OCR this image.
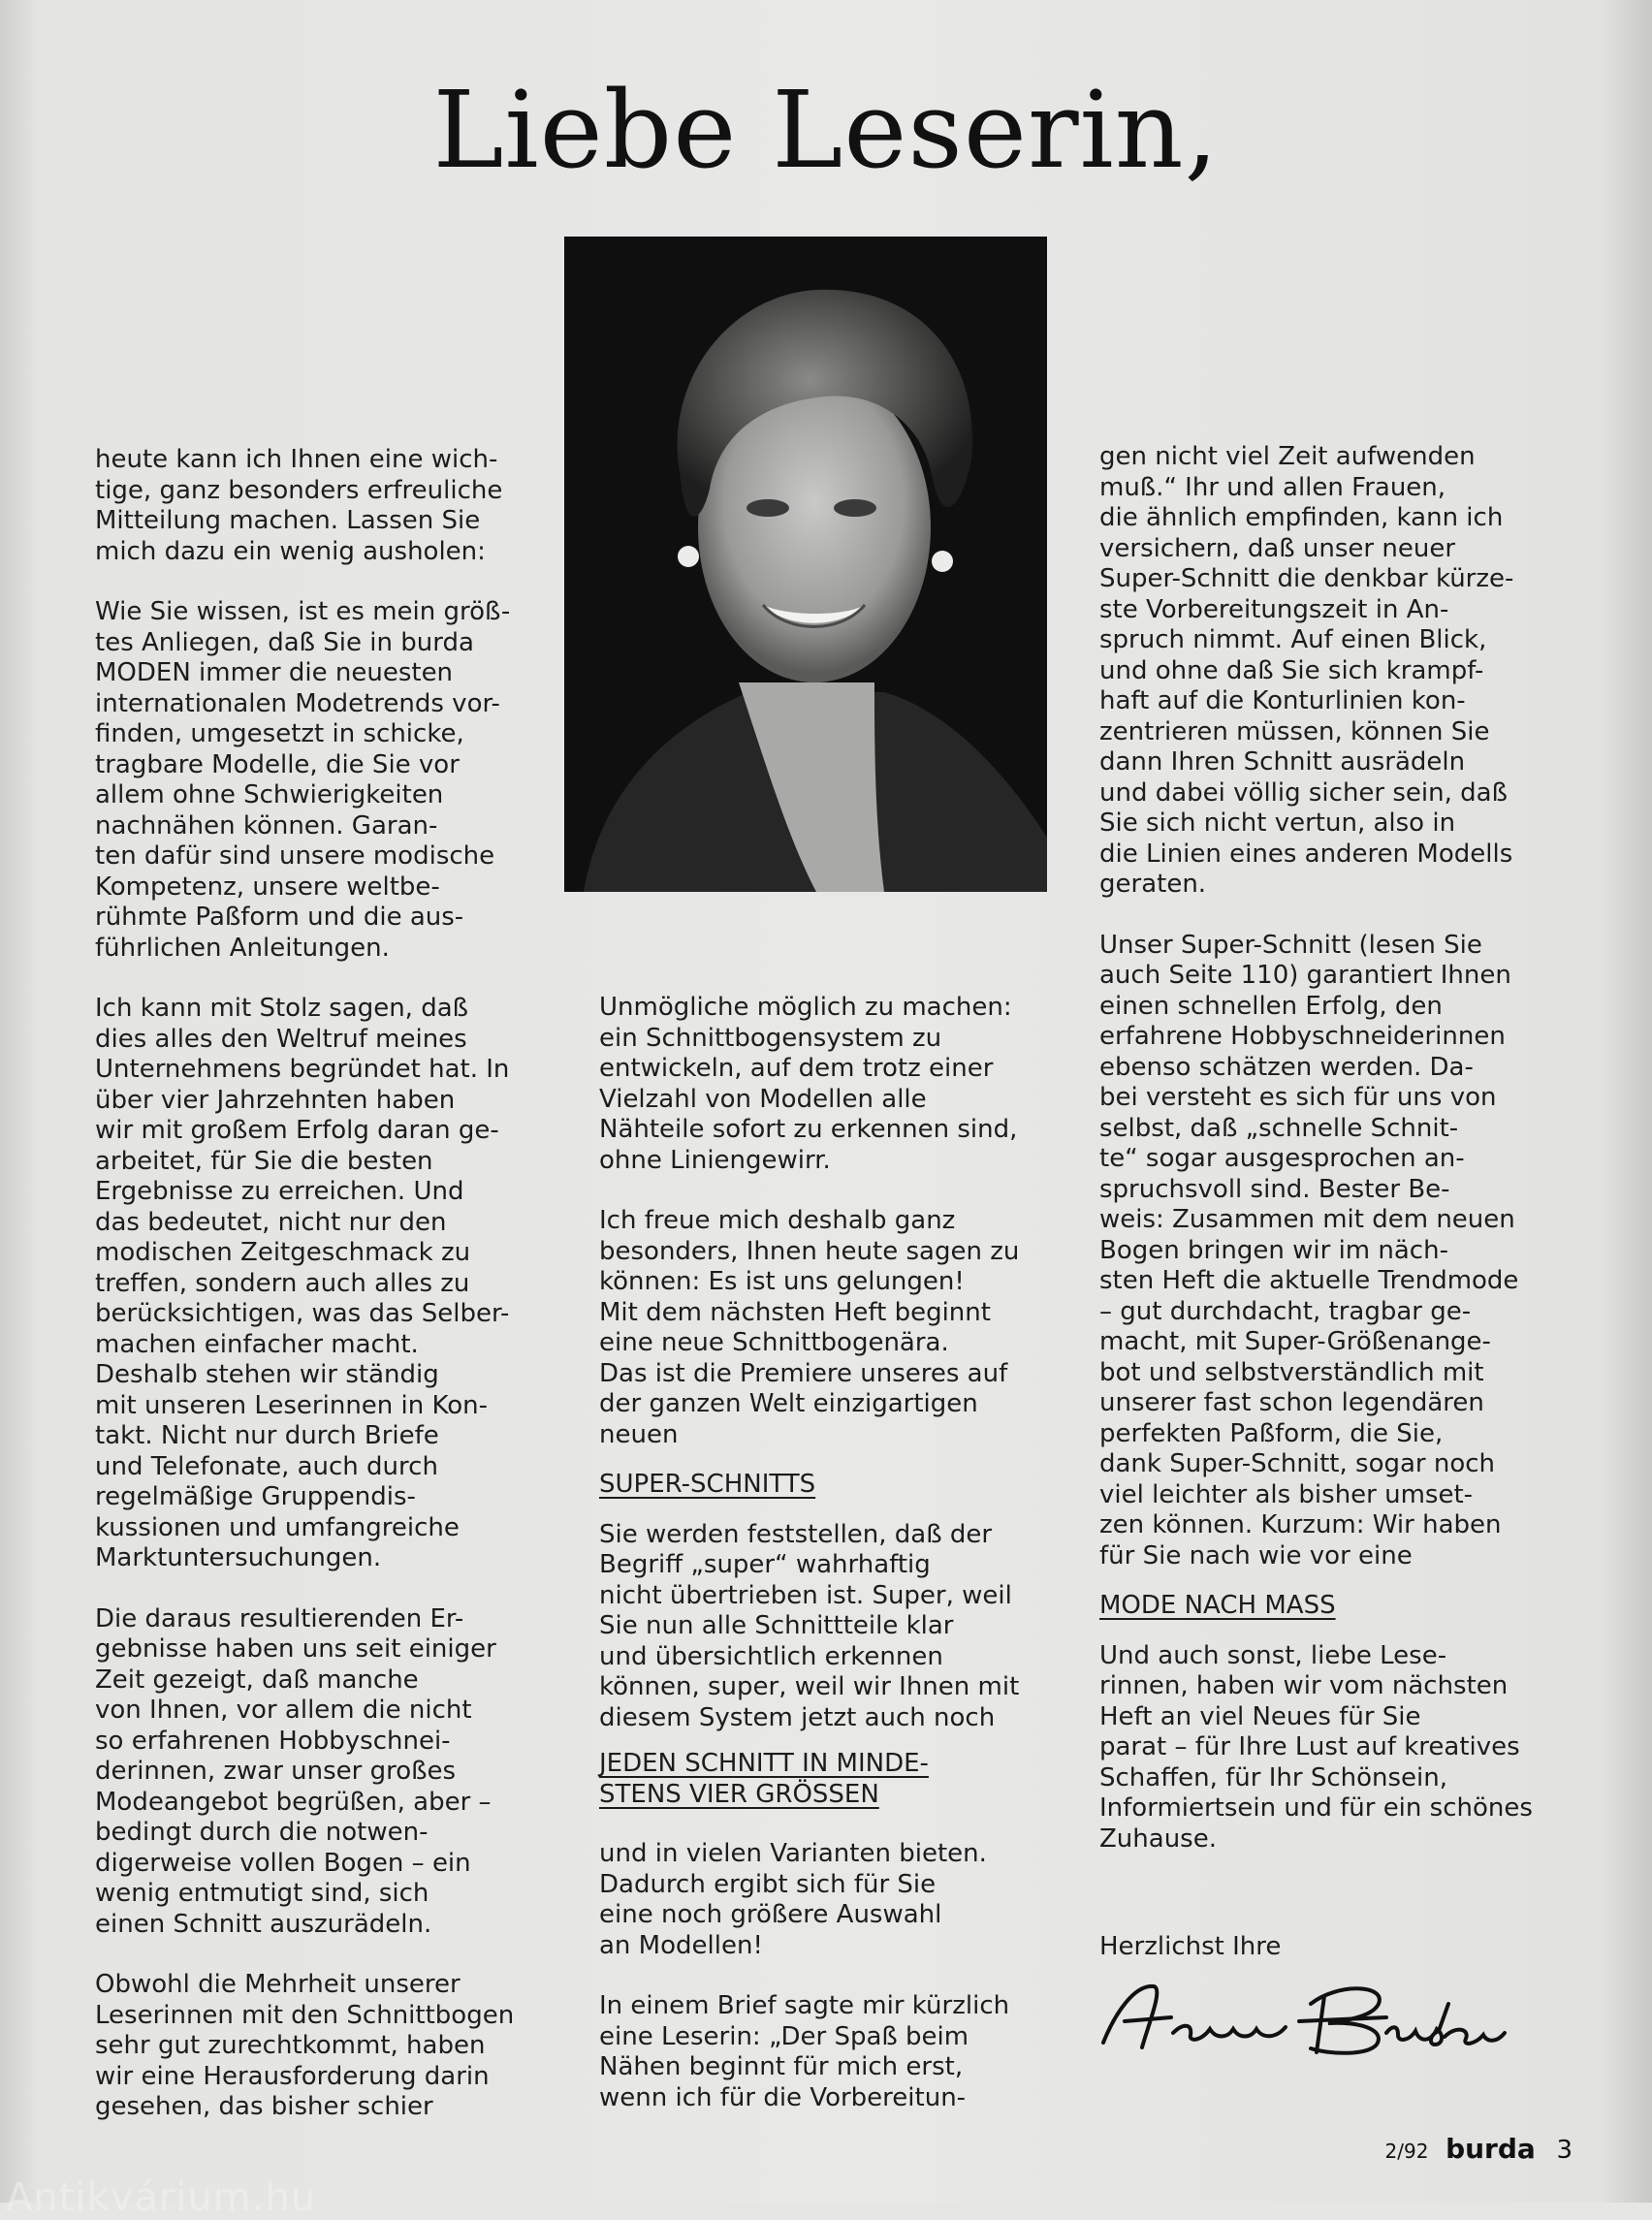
Liebe Leserin,

heute kann ich Ihnen eine wich-
tige, ganz besonders erfreuliche
Mitteilung machen. Lassen Sie
mich dazu ein wenig ausholen:

Wie Sie wissen, ist es mein größ-
tes Anliegen, daß Sie in burda
MODEN immer die neuesten
internationalen Modetrends vor-
finden, umgesetzt in schicke,
tragbare Modelle, die Sie vor
allem ohne Schwierigkeiten
nachnähen können. Garan-
ten dafür sind unsere modische
Kompetenz, unsere weltbe-
rühmte Paßform und die aus-
führlichen Anleitungen.

Ich kann mit Stolz sagen, daß
dies alles den Weltruf meines
Unternehmens begründet hat. In
über vier Jahrzehnten haben
wir mit großem Erfolg daran ge-
arbeitet, für Sie die besten
Ergebnisse zu erreichen. Und
das bedeutet, nicht nur den
modischen Zeitgeschmack zu
treffen, sondern auch alles zu
berücksichtigen, was das Selber-
machen einfacher macht.
Deshalb stehen wir ständig
mit unseren Leserinnen in Kon-
takt. Nicht nur durch Briefe
und Telefonate, auch durch
regelmäßige Gruppendis-
kussionen und umfangreiche
Marktuntersuchungen.

Die daraus resultierenden Er-
gebnisse haben uns seit einiger
Zeit gezeigt, daß manche
von Ihnen, vor allem die nicht
so erfahrenen Hobbyschnei-
derinnen, zwar unser großes
Modeangebot begrüßen, aber –
bedingt durch die notwen-
digerweise vollen Bogen – ein
wenig entmutigt sind, sich
einen Schnitt auszurädeln.

Obwohl die Mehrheit unserer
Leserinnen mit den Schnittbogen
sehr gut zurechtkommt, haben
wir eine Herausforderung darin
gesehen, das bisher schier

Unmögliche möglich zu machen:
ein Schnittbogensystem zu
entwickeln, auf dem trotz einer
Vielzahl von Modellen alle
Nähteile sofort zu erkennen sind,
ohne Liniengewirr.

Ich freue mich deshalb ganz
besonders, Ihnen heute sagen zu
können: Es ist uns gelungen!
Mit dem nächsten Heft beginnt
eine neue Schnittbogenära.
Das ist die Premiere unseres auf
der ganzen Welt einzigartigen
neuen

SUPER-SCHNITTS

Sie werden feststellen, daß der
Begriff „super“ wahrhaftig
nicht übertrieben ist. Super, weil
Sie nun alle Schnittteile klar
und übersichtlich erkennen
können, super, weil wir Ihnen mit
diesem System jetzt auch noch

JEDEN SCHNITT IN MINDE-
STENS VIER GRÖSSEN

und in vielen Varianten bieten.
Dadurch ergibt sich für Sie
eine noch größere Auswahl
an Modellen!

In einem Brief sagte mir kürzlich
eine Leserin: „Der Spaß beim
Nähen beginnt für mich erst,
wenn ich für die Vorbereitun-

gen nicht viel Zeit aufwenden
muß.“ Ihr und allen Frauen,
die ähnlich empfinden, kann ich
versichern, daß unser neuer
Super-Schnitt die denkbar kürze-
ste Vorbereitungszeit in An-
spruch nimmt. Auf einen Blick,
und ohne daß Sie sich krampf-
haft auf die Konturlinien kon-
zentrieren müssen, können Sie
dann Ihren Schnitt ausrädeln
und dabei völlig sicher sein, daß
Sie sich nicht vertun, also in
die Linien eines anderen Modells
geraten.

Unser Super-Schnitt (lesen Sie
auch Seite 110) garantiert Ihnen
einen schnellen Erfolg, den
erfahrene Hobbyschneiderinnen
ebenso schätzen werden. Da-
bei versteht es sich für uns von
selbst, daß „schnelle Schnit-
te“ sogar ausgesprochen an-
spruchsvoll sind. Bester Be-
weis: Zusammen mit dem neuen
Bogen bringen wir im näch-
sten Heft die aktuelle Trendmode
– gut durchdacht, tragbar ge-
macht, mit Super-Größenange-
bot und selbstverständlich mit
unserer fast schon legendären
perfekten Paßform, die Sie,
dank Super-Schnitt, sogar noch
viel leichter als bisher umset-
zen können. Kurzum: Wir haben
für Sie nach wie vor eine

MODE NACH MASS

Und auch sonst, liebe Lese-
rinnen, haben wir vom nächsten
Heft an viel Neues für Sie
parat – für Ihre Lust auf kreatives
Schaffen, für Ihr Schönsein,
Informiertsein und für ein schönes
Zuhause.

Herzlichst Ihre

2/92 burda 3
Antikvárium.hu
